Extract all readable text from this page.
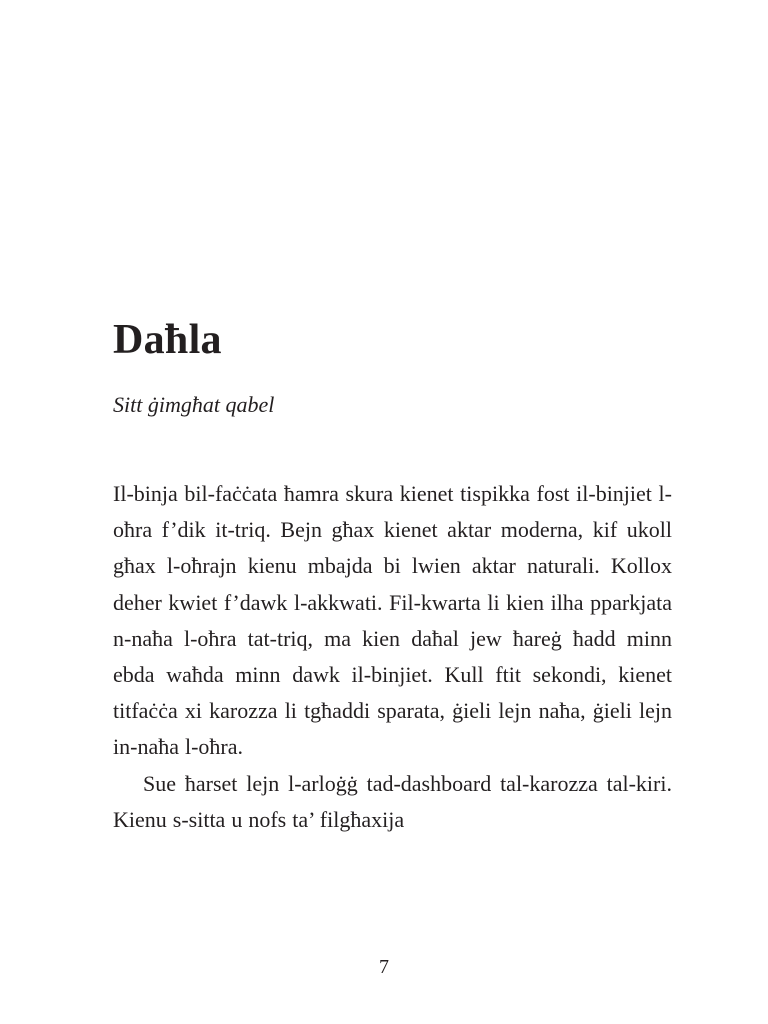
Daħla

Sitt ġimgħat qabel

Il-binja bil-faċċata ħamra skura kienet tispikka fost il-binjiet l-oħra f’dik it-triq. Bejn għax kienet aktar moderna, kif ukoll għax l-oħrajn kienu mbajda bi lwien aktar naturali. Kollox deher kwiet f’dawk l-akkwati. Fil-kwarta li kien ilha pparkjata n-naħa l-oħra tat-triq, ma kien daħal jew ħareġ ħadd minn ebda waħda minn dawk il-binjiet. Kull ftit sekondi, kienet titfaċċa xi karozza li tgħaddi sparata, ġieli lejn naħa, ġieli lejn in-naħa l-oħra.

Sue ħarset lejn l-arloġġ tad-dashboard tal-karozza tal-kiri. Kienu s-sitta u nofs ta’ filgħaxija

7
